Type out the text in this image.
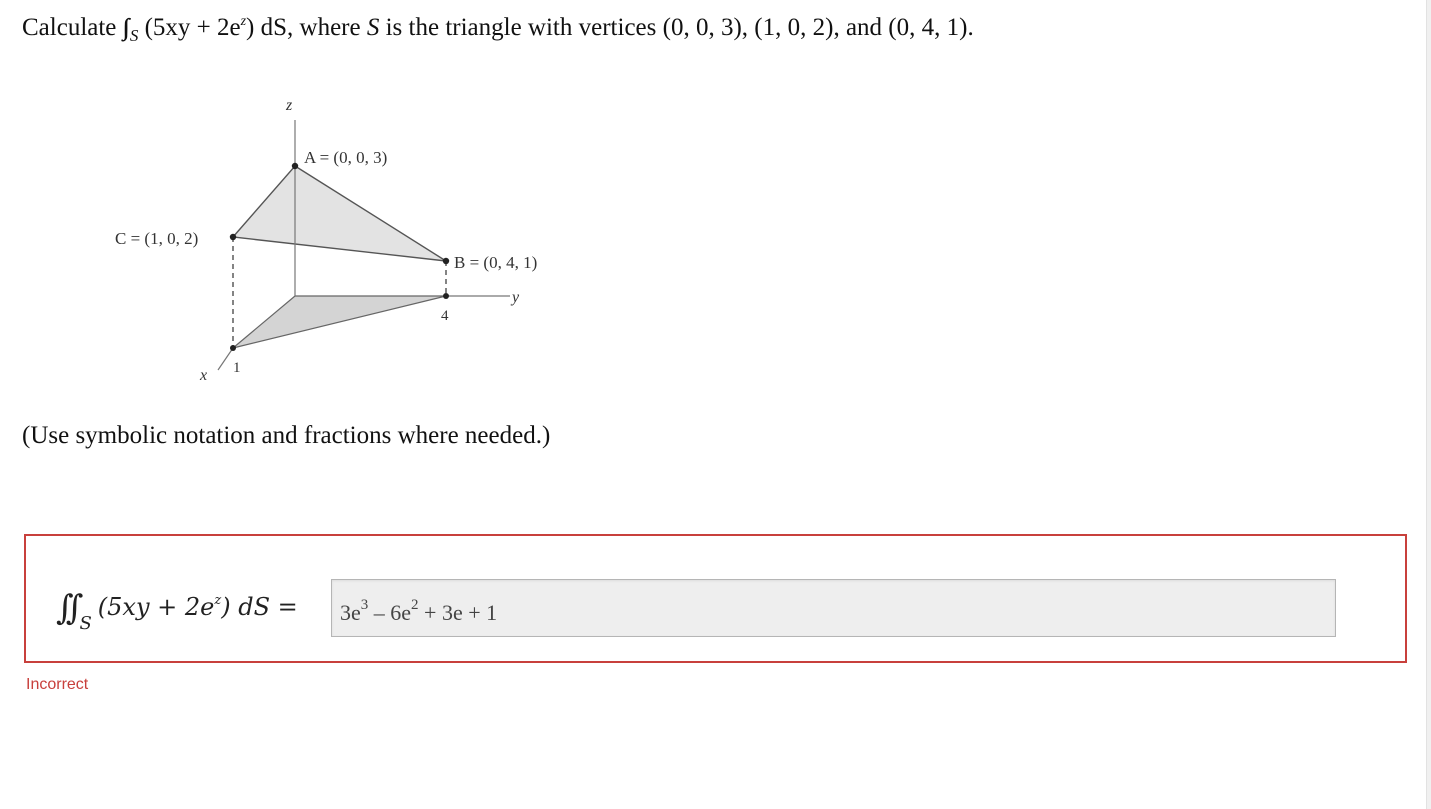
Calculate ∫∫ $_S$ $(5xy + 2e^z)$ dS, where S is the triangle with vertices (0, 0, 3), (1, 0, 2), and (0, 4, 1).
z
A = (0, 0, 3)
C = (1, 0, 2)
B = (0, 4, 1)
y
4
1
x
(Use symbolic notation and fractions where needed.)
∫∫ $_S(5xy + 2e^z)$ dS =	$3e^3 - 6e^2 + 3e + 1$
Incorrect
